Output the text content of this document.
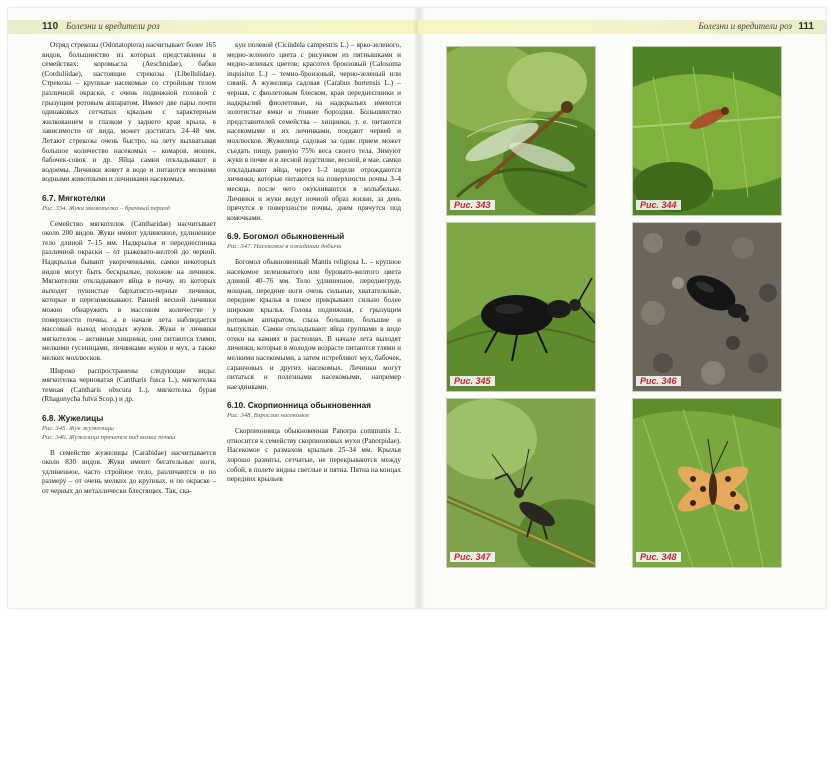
110 Болезни и вредители роз

Отряд стрекозы (Odonatoptera) насчитывает более 165 видов, большинство из которых представлены в семействах: коромыслa (Aeschnidae), бабки (Corduliidae), настоящие стрекозы (Libellulidae). Стрекозы – крупные насекомые со стройным телом различной окраски, с очень подвижной головой с грызущим ротовым аппаратом. Имеют две пары почти одинаковых сетчатых крыльев с характерным жилкованием и глазком у заднего края крыла, в зависимости от вида, может достигать 24–48 мм. Летают стрекозы очень быстро, на лету выхватывая большое количество насекомых – комаров, мошек, бабочек-совок и др. Яйца самки откладывают в водоемы. Личинки живут в воде и питаются мелкими водными животными и личинками насекомых.

6.7. Мягкотелки

Рис. 334. Жуки мягкотелки – брачный период

Семейство мягкотелок (Cantharidae) насчитывает около 200 видов. Жуки имеют удлиненное, удлиненное тело длиной 7–15 мм. Надкрылья и переднеспинка различной окраски – от рыжевато-желтой до черной. Надкрылья бывают укороченными, самки некоторых видов могут быть бескрылые, похожие на личинок. Мягкотелки откладывают яйца в почву, из которых выходят пушистые бархатисто-черные личинки, которые и перезимовывают. Ранней весной личинки можно обнаружить в массовом количестве у поверхности почвы, а в начале лета наблюдается массовый выход молодых жуков. Жуки и личинки мягкотелок – активные хищники, они питаются тлями, мелкими гусеницами, личинками жуков и мух, а также мелких моллюсков.

Широко распространены следующие виды: мягкотелка черноватая (Cantharis fusca L.), мягкотелка темная (Cantharis obscura L.), мягкотелка бурая (Rhagonycha fulva Scop.) и др.

6.8. Жужелицы

Рис. 345. Жук жужелицы

Рис. 346. Жужелица прячется под комки почвы

В семействе жужелицы (Carabidae) насчитывается около 830 видов. Жуки имеют бегательные ноги, удлиненное, часто стройное тело, различаются и по размеру – от очень мелких до крупных, и по окраске – от черных до металлически блестящих. Так, ска-

кун полевой (Cicindela campestris L.) – ярко-зеленого, медно-зеленого цвета с рисунком из пятнышками и медно-зеленых цветов; красотел бронзовый (Calosoma inquisitor L.) – темно-бронзовый, черно-зеленый или синий. А жужелица садовая (Carabus hortensis L.) – черная, с фиолетовым блеском, края переднеспинки и надкрылий фиолетовые, на надкрыльях имеются золотистые ямки и тонкие бороздки. Большинство представителей семейства – хищники, т. е. питаются насекомыми и их личинками, поедают червей и моллюсков. Жужелица садовая за один прием может съедать пищу, равную 75% веса своего тела. Зимуют жуки в почве и в лесной подстилке, весной, в мае, самки откладывают яйца, через 1–2 недели отрождаются личинки, которые питаются на поверхности почвы 3–4 месяца, после чего окукливаются в колыбельке. Личинки и жуки ведут ночной образ жизни, за день прячутся в поверхности почвы, днем прячутся под комочками.

6.9. Богомол обыкновенный

Рис. 347. Насекомое в ожидании добычи

Богомол обыкновенный Mantis religiosa L. – крупное насекомое зеленоватого или буровато-желтого цвета длиной 40–76 мм. Тело удлиненное, переднегрудь мощная, передние ноги очень сильные, хватательные, передние крылья в покое прикрывают сильно более широкие крылья. Голова подвижная, с грызущим ротовым аппаратом, глаза большие, большие и выпуклые. Самки откладывают яйца группами в виде отеки на камнях и растениях. В начале лета выходят личинки, которые в молодом возрасте питаются тлями и мелкими насекомыми, а затем истребляют мух, бабочек, саранчовых и других насекомых. Личинки могут питаться и полезными насекомыми, например наездниками.

6.10. Скорпионница обыкновенная

Рис. 348. Взрослое насекомое

Скорпионница обыкновенная Panorpa communis L. относится к семейству скорпионовых мухи (Panorpidae). Насекомое с размахом крыльев 25–34 мм. Крылья хорошо развиты, сетчатые, не перекрываются между собой, в полете видны светлые и пятна. Пятна на концах передних крыльев

Болезни и вредители роз 111
Рис. 343	Рис. 344
Рис. 345	Рис. 346
Рис. 347	Рис. 348
